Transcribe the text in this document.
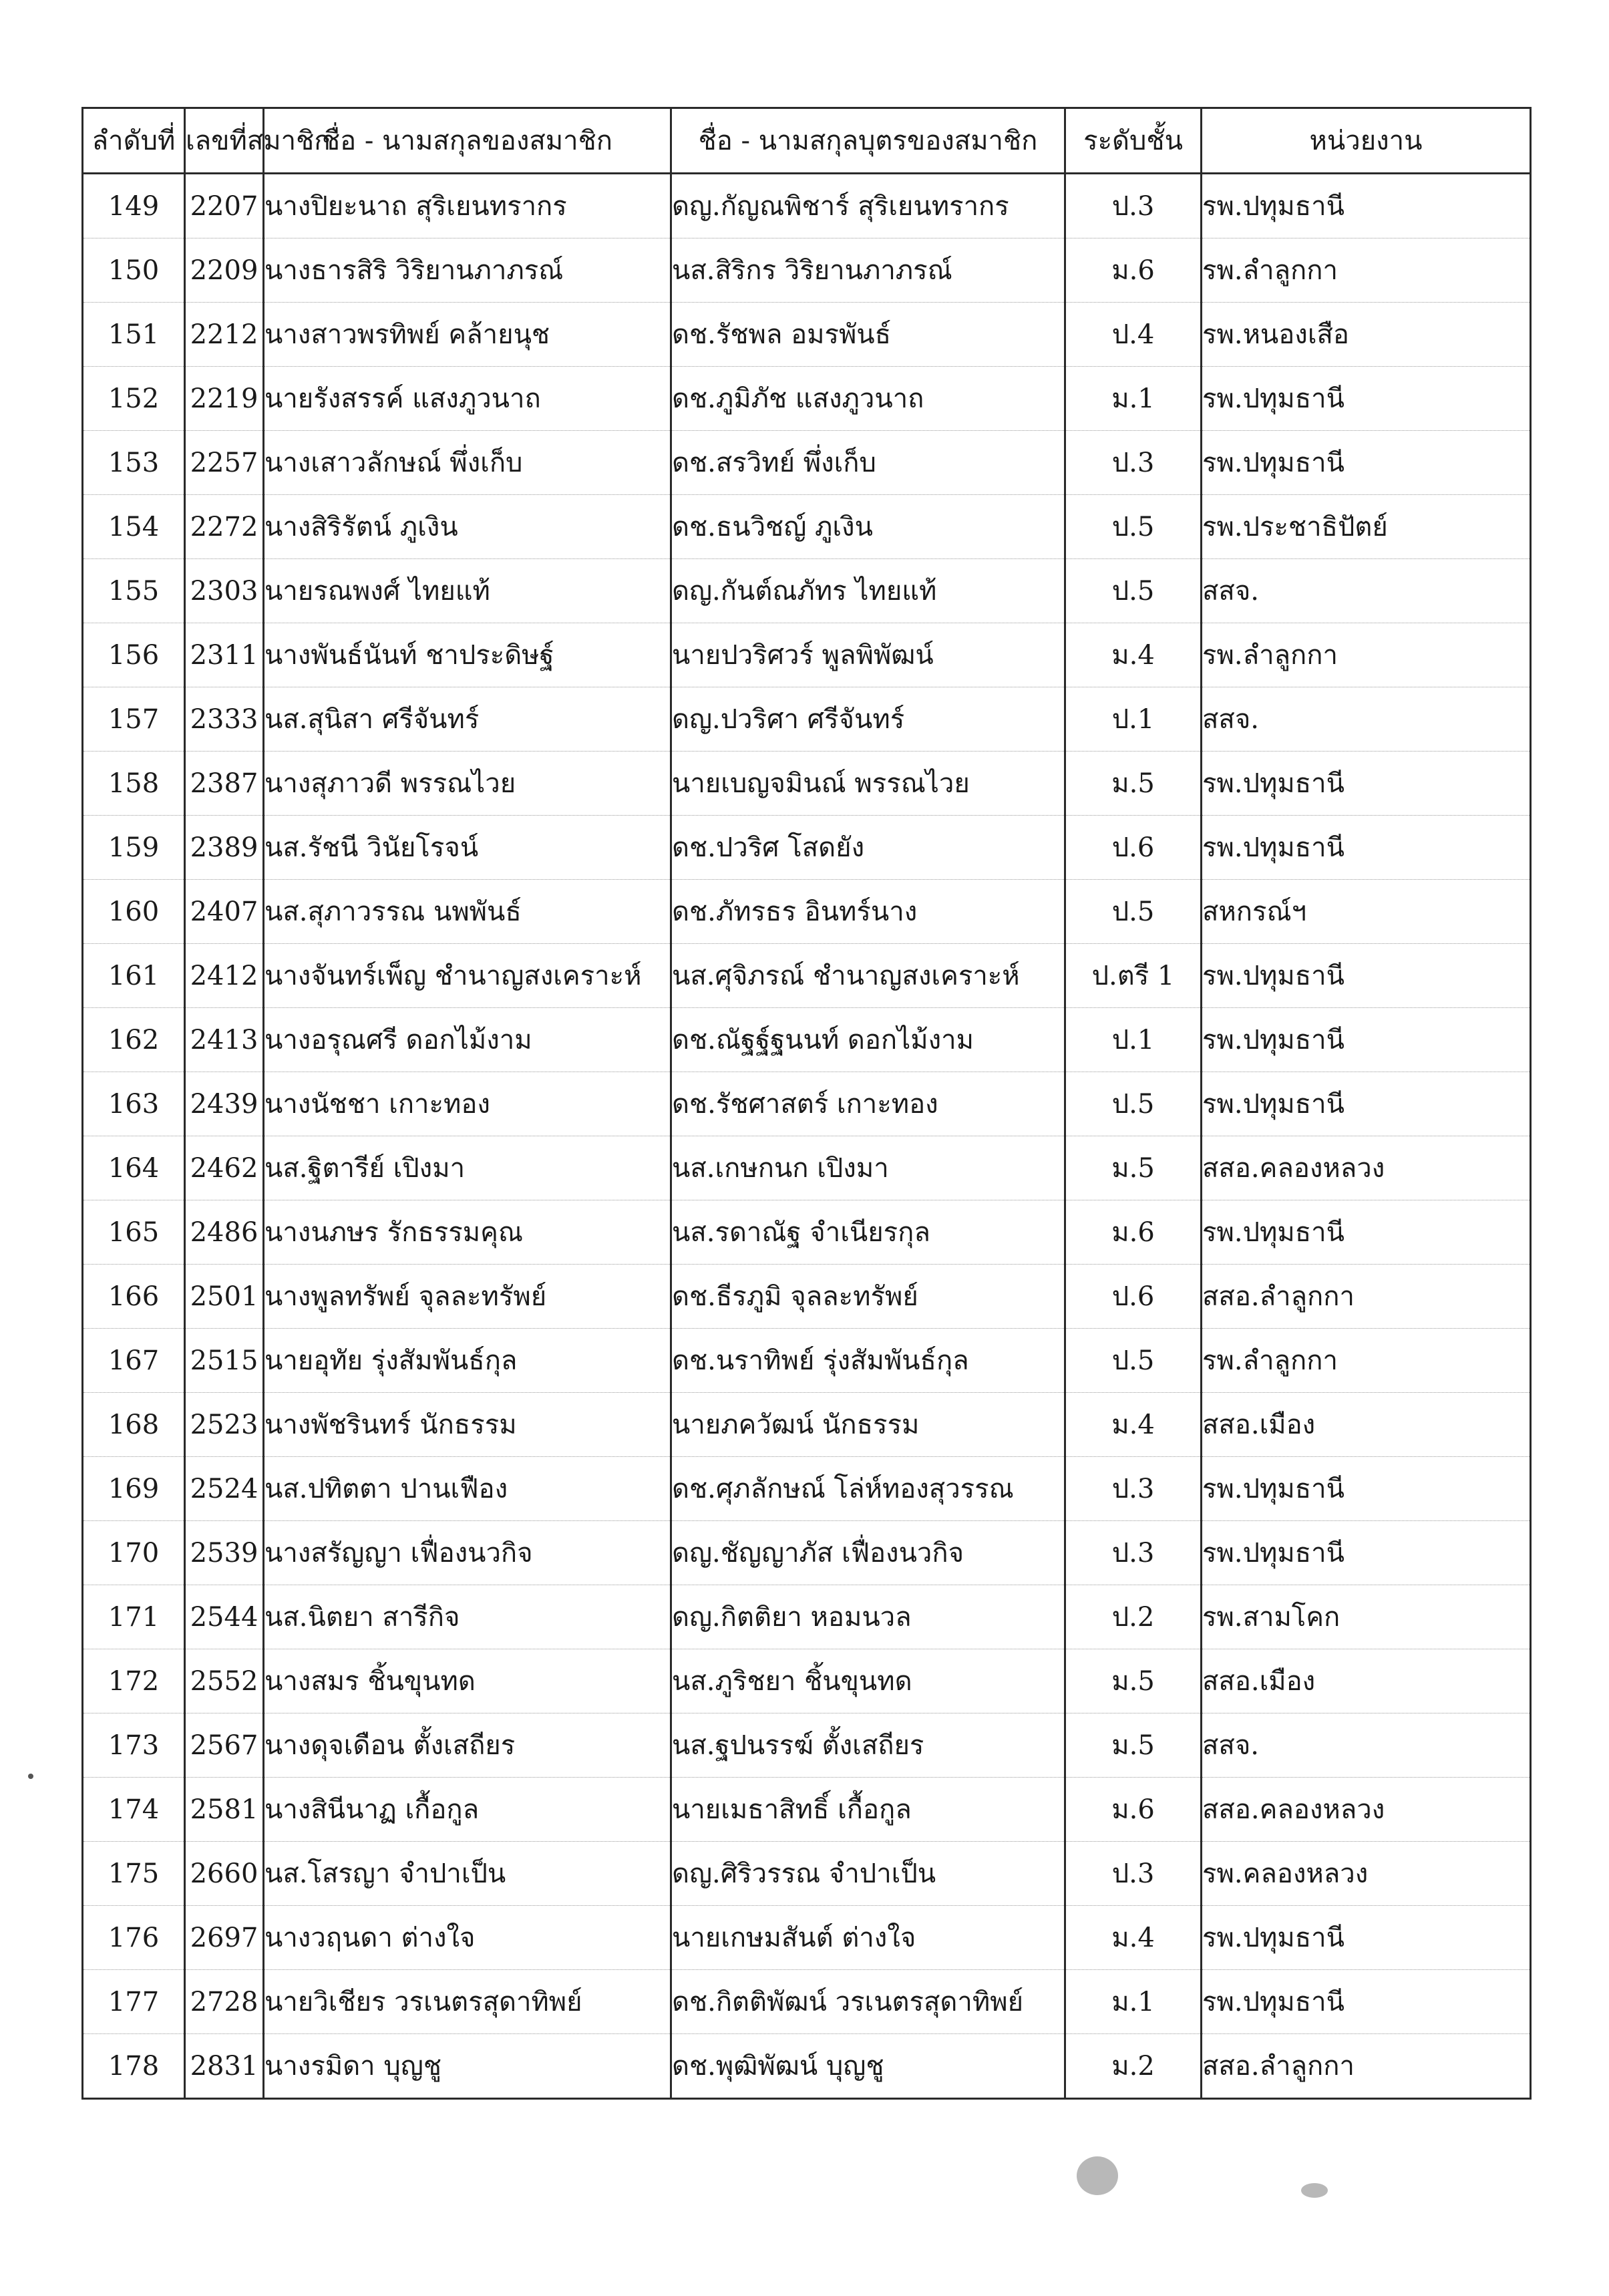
ลำดับที่	เลขที่สมาชิก	ชื่อ - นามสกุลของสมาชิก	ชื่อ - นามสกุลบุตรของสมาชิก	ระดับชั้น	หน่วยงาน
149	2207	นางปิยะนาถ สุริเยนทรากร	ดญ.กัญณพิชาร์ สุริเยนทรากร	ป.3	รพ.ปทุมธานี
150	2209	นางธารสิริ วิริยานภาภรณ์	นส.สิริกร วิริยานภาภรณ์	ม.6	รพ.ลำลูกกา
151	2212	นางสาวพรทิพย์ คล้ายนุช	ดช.รัชพล อมรพันธ์	ป.4	รพ.หนองเสือ
152	2219	นายรังสรรค์ แสงภูวนาถ	ดช.ภูมิภัช แสงภูวนาถ	ม.1	รพ.ปทุมธานี
153	2257	นางเสาวลักษณ์ พึ่งเก็บ	ดช.สรวิทย์ พึ่งเก็บ	ป.3	รพ.ปทุมธานี
154	2272	นางสิริรัตน์ ภูเงิน	ดช.ธนวิชญ์ ภูเงิน	ป.5	รพ.ประชาธิปัตย์
155	2303	นายรณพงศ์ ไทยแท้	ดญ.กันต์ณภัทร ไทยแท้	ป.5	สสจ.
156	2311	นางพันธ์นันท์ ชาประดิษฐ์	นายปวริศวร์ พูลพิพัฒน์	ม.4	รพ.ลำลูกกา
157	2333	นส.สุนิสา ศรีจันทร์	ดญ.ปวริศา ศรีจันทร์	ป.1	สสจ.
158	2387	นางสุภาวดี พรรณไวย	นายเบญจมินณ์ พรรณไวย	ม.5	รพ.ปทุมธานี
159	2389	นส.รัชนี วินัยโรจน์	ดช.ปวริศ โสดยัง	ป.6	รพ.ปทุมธานี
160	2407	นส.สุภาวรรณ นพพันธ์	ดช.ภัทรธร อินทร์นาง	ป.5	สหกรณ์ฯ
161	2412	นางจันทร์เพ็ญ ชำนาญสงเคราะห์	นส.ศุจิภรณ์ ชำนาญสงเคราะห์	ป.ตรี 1	รพ.ปทุมธานี
162	2413	นางอรุณศรี ดอกไม้งาม	ดช.ณัฐฐ์ฐนนท์ ดอกไม้งาม	ป.1	รพ.ปทุมธานี
163	2439	นางนัชชา เกาะทอง	ดช.รัชศาสตร์ เกาะทอง	ป.5	รพ.ปทุมธานี
164	2462	นส.ฐิตารีย์ เปิงมา	นส.เกษกนก เปิงมา	ม.5	สสอ.คลองหลวง
165	2486	นางนภษร รักธรรมคุณ	นส.รดาณัฐ จำเนียรกุล	ม.6	รพ.ปทุมธานี
166	2501	นางพูลทรัพย์ จุลละทรัพย์	ดช.ธีรภูมิ จุลละทรัพย์	ป.6	สสอ.ลำลูกกา
167	2515	นายอุทัย รุ่งสัมพันธ์กุล	ดช.นราทิพย์ รุ่งสัมพันธ์กุล	ป.5	รพ.ลำลูกกา
168	2523	นางพัชรินทร์ นักธรรม	นายภควัฒน์ นักธรรม	ม.4	สสอ.เมือง
169	2524	นส.ปทิตตา ปานเฟือง	ดช.ศุภลักษณ์ โล่ห์ทองสุวรรณ	ป.3	รพ.ปทุมธานี
170	2539	นางสรัญญา เฟื่องนวกิจ	ดญ.ชัญญาภัส เฟื่องนวกิจ	ป.3	รพ.ปทุมธานี
171	2544	นส.นิตยา สารีกิจ	ดญ.กิตติยา หอมนวล	ป.2	รพ.สามโคก
172	2552	นางสมร ชิ้นขุนทด	นส.ภูริชยา ชิ้นขุนทด	ม.5	สสอ.เมือง
173	2567	นางดุจเดือน ตั้งเสถียร	นส.ฐปนรรฆ์ ตั้งเสถียร	ม.5	สสจ.
174	2581	นางสินีนาฏ เกื้อกูล	นายเมธาสิทธิ์ เกื้อกูล	ม.6	สสอ.คลองหลวง
175	2660	นส.โสรญา จำปาเป็น	ดญ.ศิริวรรณ จำปาเป็น	ป.3	รพ.คลองหลวง
176	2697	นางวฤนดา ต่างใจ	นายเกษมสันต์ ต่างใจ	ม.4	รพ.ปทุมธานี
177	2728	นายวิเชียร วรเนตรสุดาทิพย์	ดช.กิตติพัฒน์ วรเนตรสุดาทิพย์	ม.1	รพ.ปทุมธานี
178	2831	นางรมิดา บุญชู	ดช.พุฒิพัฒน์ บุญชู	ม.2	สสอ.ลำลูกกา
